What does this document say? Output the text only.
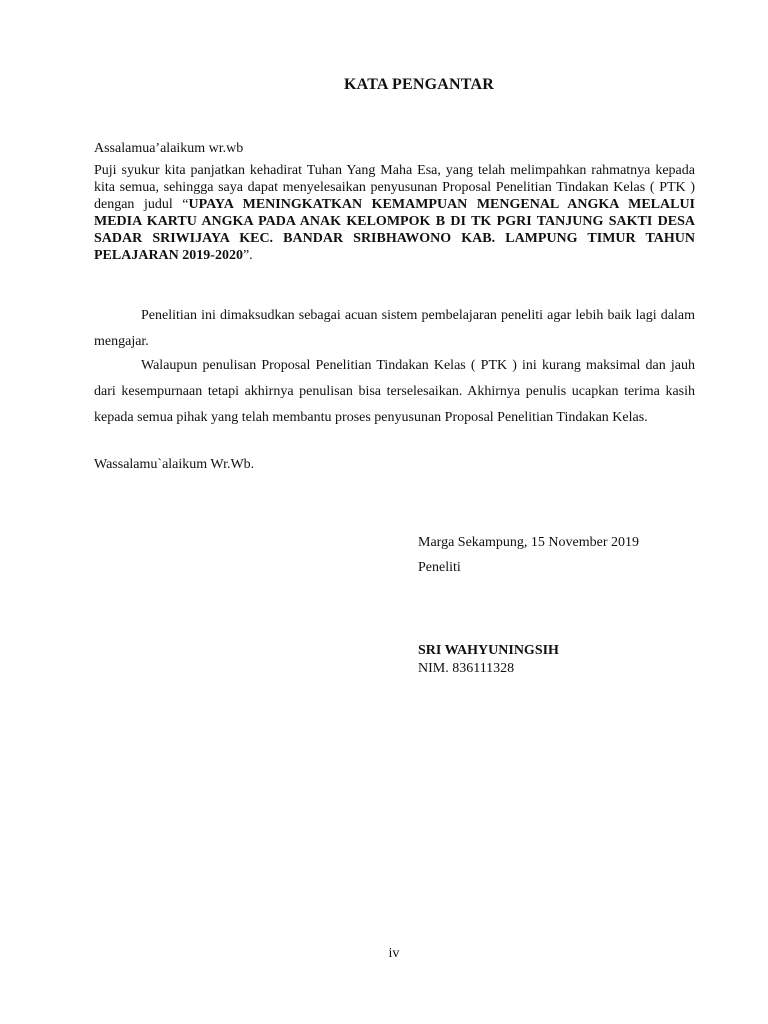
KATA PENGANTAR
Assalamua’alaikum wr.wb
Puji syukur kita panjatkan kehadirat Tuhan Yang Maha Esa, yang telah melimpahkan rahmatnya kepada kita semua, sehingga saya dapat menyelesaikan penyusunan Proposal Penelitian Tindakan Kelas ( PTK ) dengan judul “UPAYA MENINGKATKAN KEMAMPUAN MENGENAL ANGKA MELALUI MEDIA KARTU ANGKA PADA ANAK KELOMPOK B DI TK PGRI TANJUNG SAKTI DESA SADAR SRIWIJAYA KEC. BANDAR SRIBHAWONO KAB. LAMPUNG TIMUR TAHUN PELAJARAN 2019-2020”.

Penelitian ini dimaksudkan sebagai acuan sistem pembelajaran peneliti agar lebih baik lagi dalam mengajar.

Walaupun penulisan Proposal Penelitian Tindakan Kelas ( PTK ) ini kurang maksimal dan jauh dari kesempurnaan tetapi akhirnya penulisan bisa terselesaikan. Akhirnya penulis ucapkan terima kasih kepada semua pihak yang telah membantu proses penyusunan Proposal Penelitian Tindakan Kelas.

Wassalamu`alaikum Wr.Wb.
Marga Sekampung, 15 November 2019
Peneliti
SRI WAHYUNINGSIH
NIM. 836111328
iv
